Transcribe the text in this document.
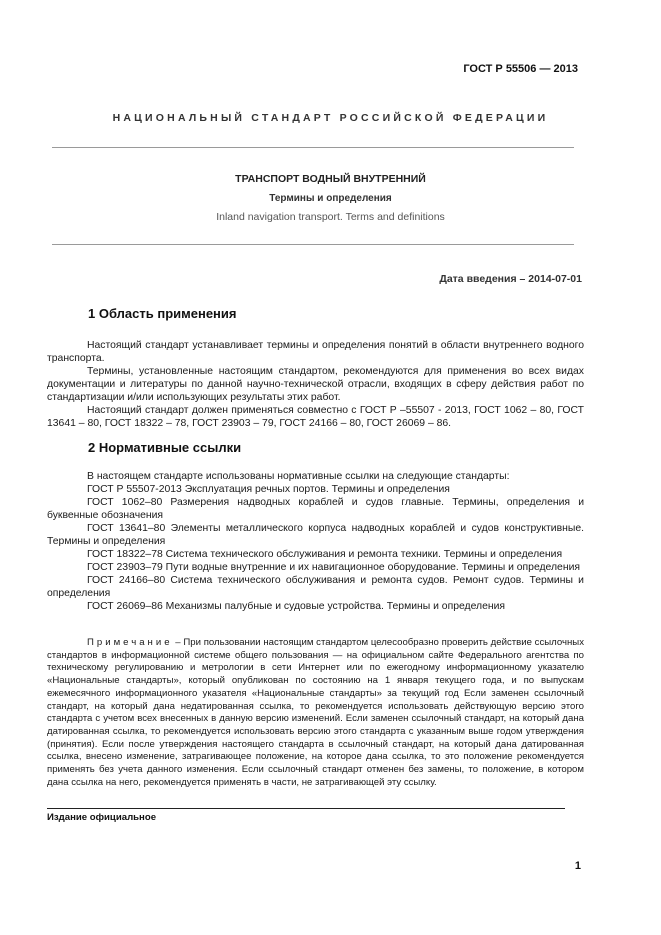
ГОСТ Р 55506 — 2013
НАЦИОНАЛЬНЫЙ СТАНДАРТ РОССИЙСКОЙ ФЕДЕРАЦИИ
ТРАНСПОРТ ВОДНЫЙ ВНУТРЕННИЙ
Термины и определения
Inland navigation transport. Terms and definitions
Дата введения – 2014-07-01
1 Область применения

Настоящий стандарт устанавливает термины и определения понятий в области внутреннего водного транспорта.

Термины, установленные настоящим стандартом, рекомендуются для применения во всех видах документации и литературы по данной научно-технической отрасли, входящих в сферу действия работ по стандартизации и/или использующих результаты этих работ.

Настоящий стандарт должен применяться совместно с ГОСТ Р –55507 - 2013, ГОСТ 1062 – 80, ГОСТ 13641 – 80, ГОСТ 18322 – 78, ГОСТ 23903 – 79, ГОСТ 24166 – 80, ГОСТ 26069 – 86.

2 Нормативные ссылки

В настоящем стандарте использованы нормативные ссылки на следующие стандарты:

ГОСТ Р 55507-2013 Эксплуатация речных портов. Термины и определения

ГОСТ 1062–80 Размерения надводных кораблей и судов главные. Термины, определения и буквенные обозначения

ГОСТ 13641–80 Элементы металлического корпуса надводных кораблей и судов конструктивные. Термины и определения

ГОСТ 18322–78 Система технического обслуживания и ремонта техники. Термины и определения

ГОСТ 23903–79 Пути водные внутренние и их навигационное оборудование. Термины и определения

ГОСТ 24166–80 Система технического обслуживания и ремонта судов. Ремонт судов. Термины и определения

ГОСТ 26069–86 Механизмы палубные и судовые устройства. Термины и определения

Примечание – При пользовании настоящим стандартом целесообразно проверить действие ссылочных стандартов в информационной системе общего пользования — на официальном сайте Федерального агентства по техническому регулированию и метрологии в сети Интернет или по ежегодному информационному указателю «Национальные стандарты», который опубликован по состоянию на 1 января текущего года, и по выпускам ежемесячного информационного указателя «Национальные стандарты» за текущий год Если заменен ссылочный стандарт, на который дана недатированная ссылка, то рекомендуется использовать действующую версию этого стандарта с учетом всех внесенных в данную версию изменений. Если заменен ссылочный стандарт, на который дана датированная ссылка, то рекомендуется использовать версию этого стандарта с указанным выше годом утверждения (принятия). Если после утверждения настоящего стандарта в ссылочный стандарт, на который дана датированная ссылка, внесено изменение, затрагивающее положение, на которое дана ссылка, то это положение рекомендуется применять без учета данного изменения. Если ссылочный стандарт отменен без замены, то положение, в котором дана ссылка на него, рекомендуется применять в части, не затрагивающей эту ссылку.

Издание официальное
1
